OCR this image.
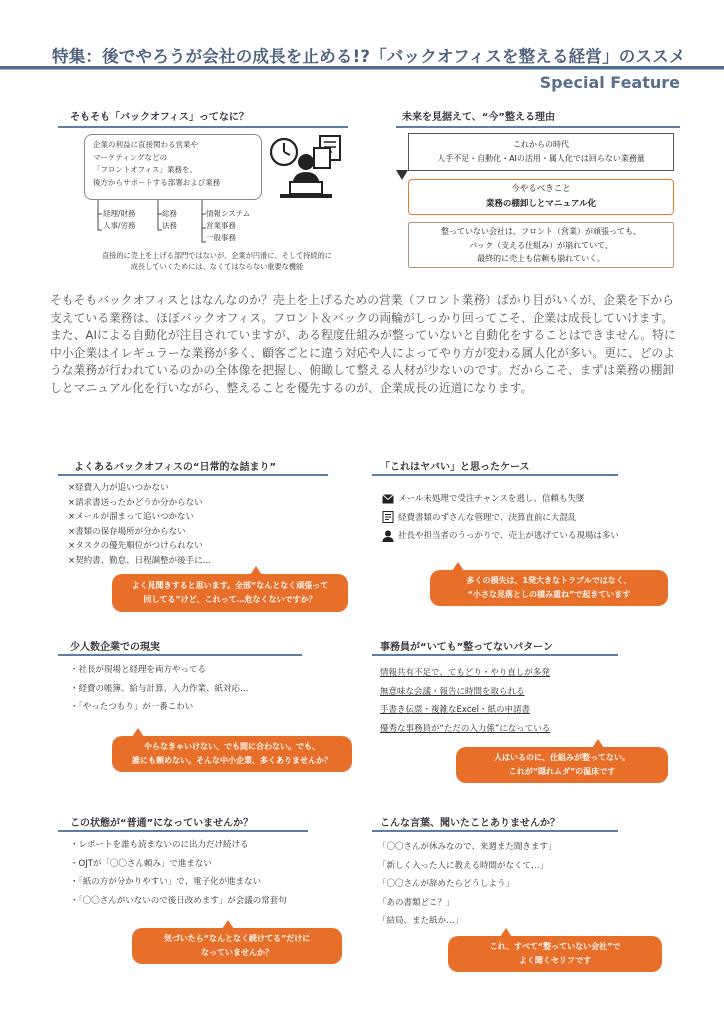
特集：後でやろうが会社の成長を止める!?「バックオフィスを整える経営」のススメ
Special Feature
そもそも「バックオフィス」ってなに？
企業の利益に直接関わる営業や
マーケティングなどの
「フロントオフィス」業務を、
後方からサポートする部署および業務
経理/財務
人事/労務
総務
法務
情報システム
営業事務
一般事務
直接的に売上を上げる部門ではないが、企業が円滑に、そして持続的に
成長していくためには、なくてはならない重要な機能
未来を見据えて、“今”整える理由
これからの時代
人手不足・自動化・AIの活用・属人化では回らない業務量
今やるべきこと
業務の棚卸しとマニュアル化
整っていない会社は、フロント（営業）が頑張っても、
バック（支える仕組み）が崩れていて、
最終的に売上も信頼も崩れていく。
そもそもバックオフィスとはなんなのか？売上を上げるための営業（フロント業務）ばかり目がいくが、企業を下から支えている業務は、ほぼバックオフィス。フロント＆バックの両輪がしっかり回ってこそ、企業は成長していけます。また、AIによる自動化が注目されていますが、ある程度仕組みが整っていないと自動化をすることはできません。特に中小企業はイレギュラーな業務が多く、顧客ごとに違う対応や人によってやり方が変わる属人化が多い。更に、どのような業務が行われているのかの全体像を把握し、俯瞰して整える人材が少ないのです。だからこそ、まずは業務の棚卸しとマニュアル化を行いながら、整えることを優先するのが、企業成長の近道になります。
よくあるバックオフィスの“日常的な詰まり”
×経費入力が追いつかない
×請求書送ったかどうか分からない
×メールが溜まって追いつかない
×書類の保存場所が分からない
×タスクの優先順位がつけられない
×契約書、勤怠、日程調整が後手に…
よく見聞きすると思います。全部“なんとなく頑張って
回してる”けど、これって…危なくないですか？
「これはヤバい」と思ったケース
メール未処理で受注チャンスを逃し、信頼も失墜
経費書類のずさんな管理で、決算直前に大混乱
社長や担当者のうっかりで、売上が逃げている現場は多い
多くの損失は、1発大きなトラブルではなく、
“小さな見落としの積み重ね”で起きています
少人数企業での現実
・社長が現場と経理を両方やってる
・経費の帳簿、給与計算、入力作業、紙対応…
・「やったつもり」が一番こわい
やらなきゃいけない、でも間に合わない。でも、
誰にも頼めない。そんな中小企業、多くありませんか？
事務員が“いても”整ってないパターン
情報共有不足で、てもどり・やり直しが多発
無意味な会議・報告に時間を取られる
手書き伝票・複雑なExcel・紙の申請書
優秀な事務員が“ただの入力係”になっている
人はいるのに、仕組みが整ってない。
これが“隠れムダ”の温床です
この状態が“普通”になっていませんか？
・レポートを誰も読まないのに出力だけ続ける
・OJTが「〇〇さん頼み」で進まない
・「紙の方が分かりやすい」で、電子化が進まない
・「〇〇さんがいないので後日改めます」が会議の常套句
気づいたら“なんとなく続けてる”だけに
なっていませんか？
こんな言葉、聞いたことありませんか？
「〇〇さんが休みなので、来週また聞きます」
「新しく入った人に教える時間がなくて…」
「〇〇さんが辞めたらどうしよう」
「あの書類どこ？」
「結局、また紙か…」
これ、すべて“整っていない会社”で
よく聞くセリフです
